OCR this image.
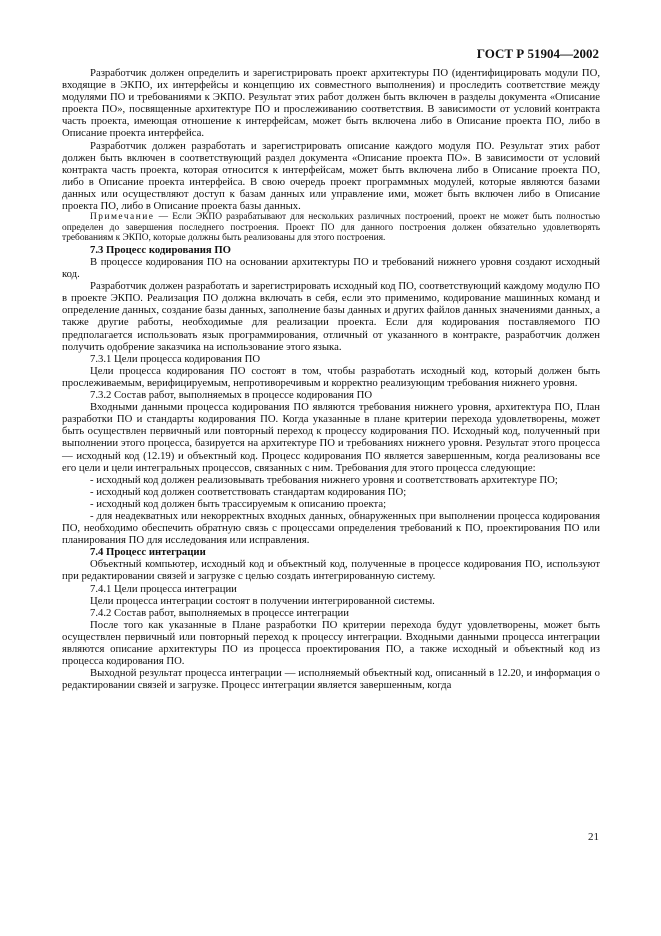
ГОСТ Р 51904—2002

Разработчик должен определить и зарегистрировать проект архитектуры ПО (идентифицировать модули ПО, входящие в ЭКПО, их интерфейсы и концепцию их совместного выполнения) и проследить соответствие между модулями ПО и требованиями к ЭКПО. Результат этих работ должен быть включен в разделы документа «Описание проекта ПО», посвященные архитектуре ПО и прослеживанию соответствия. В зависимости от условий контракта часть проекта, имеющая отношение к интерфейсам, может быть включена либо в Описание проекта ПО, либо в Описание проекта интерфейса.

Разработчик должен разработать и зарегистрировать описание каждого модуля ПО. Результат этих работ должен быть включен в соответствующий раздел документа «Описание проекта ПО». В зависимости от условий контракта часть проекта, которая относится к интерфейсам, может быть включена либо в Описание проекта ПО, либо в Описание проекта интерфейса. В свою очередь проект программных модулей, которые являются базами данных или осуществляют доступ к базам данных или управление ими, может быть включен либо в Описание проекта ПО, либо в Описание проекта базы данных.

Примечание — Если ЭКПО разрабатывают для нескольких различных построений, проект не может быть полностью определен до завершения последнего построения. Проект ПО для данного построения должен обязательно удовлетворять требованиям к ЭКПО, которые должны быть реализованы для этого построения.

7.3 Процесс кодирования ПО

В процессе кодирования ПО на основании архитектуры ПО и требований нижнего уровня создают исходный код.

Разработчик должен разработать и зарегистрировать исходный код ПО, соответствующий каждому модулю ПО в проекте ЭКПО. Реализация ПО должна включать в себя, если это применимо, кодирование машинных команд и определение данных, создание базы данных, заполнение базы данных и других файлов данных значениями данных, а также другие работы, необходимые для реализации проекта. Если для кодирования поставляемого ПО предполагается использовать язык программирования, отличный от указанного в контракте, разработчик должен получить одобрение заказчика на использование этого языка.

7.3.1 Цели процесса кодирования ПО

Цели процесса кодирования ПО состоят в том, чтобы разработать исходный код, который должен быть прослеживаемым, верифицируемым, непротиворечивым и корректно реализующим требования нижнего уровня.

7.3.2 Состав работ, выполняемых в процессе кодирования ПО

Входными данными процесса кодирования ПО являются требования нижнего уровня, архитектура ПО, План разработки ПО и стандарты кодирования ПО. Когда указанные в плане критерии перехода удовлетворены, может быть осуществлен первичный или повторный переход к процессу кодирования ПО. Исходный код, полученный при выполнении этого процесса, базируется на архитектуре ПО и требованиях нижнего уровня. Результат этого процесса — исходный код (12.19) и объектный код. Процесс кодирования ПО является завершенным, когда реализованы все его цели и цели интегральных процессов, связанных с ним. Требования для этого процесса следующие:

- исходный код должен реализовывать требования нижнего уровня и соответствовать архитектуре ПО;

- исходный код должен соответствовать стандартам кодирования ПО;

- исходный код должен быть трассируемым к описанию проекта;

- для неадекватных или некорректных входных данных, обнаруженных при выполнении процесса кодирования ПО, необходимо обеспечить обратную связь с процессами определения требований к ПО, проектирования ПО или планирования ПО для исследования или исправления.

7.4 Процесс интеграции

Объектный компьютер, исходный код и объектный код, полученные в процессе кодирования ПО, используют при редактировании связей и загрузке с целью создать интегрированную систему.

7.4.1 Цели процесса интеграции

Цели процесса интеграции состоят в получении интегрированной системы.

7.4.2 Состав работ, выполняемых в процессе интеграции

После того как указанные в Плане разработки ПО критерии перехода будут удовлетворены, может быть осуществлен первичный или повторный переход к процессу интеграции. Входными данными процесса интеграции являются описание архитектуры ПО из процесса проектирования ПО, а также исходный и объектный код из процесса кодирования ПО.

Выходной результат процесса интеграции — исполняемый объектный код, описанный в 12.20, и информация о редактировании связей и загрузке. Процесс интеграции является завершенным, когда

21
